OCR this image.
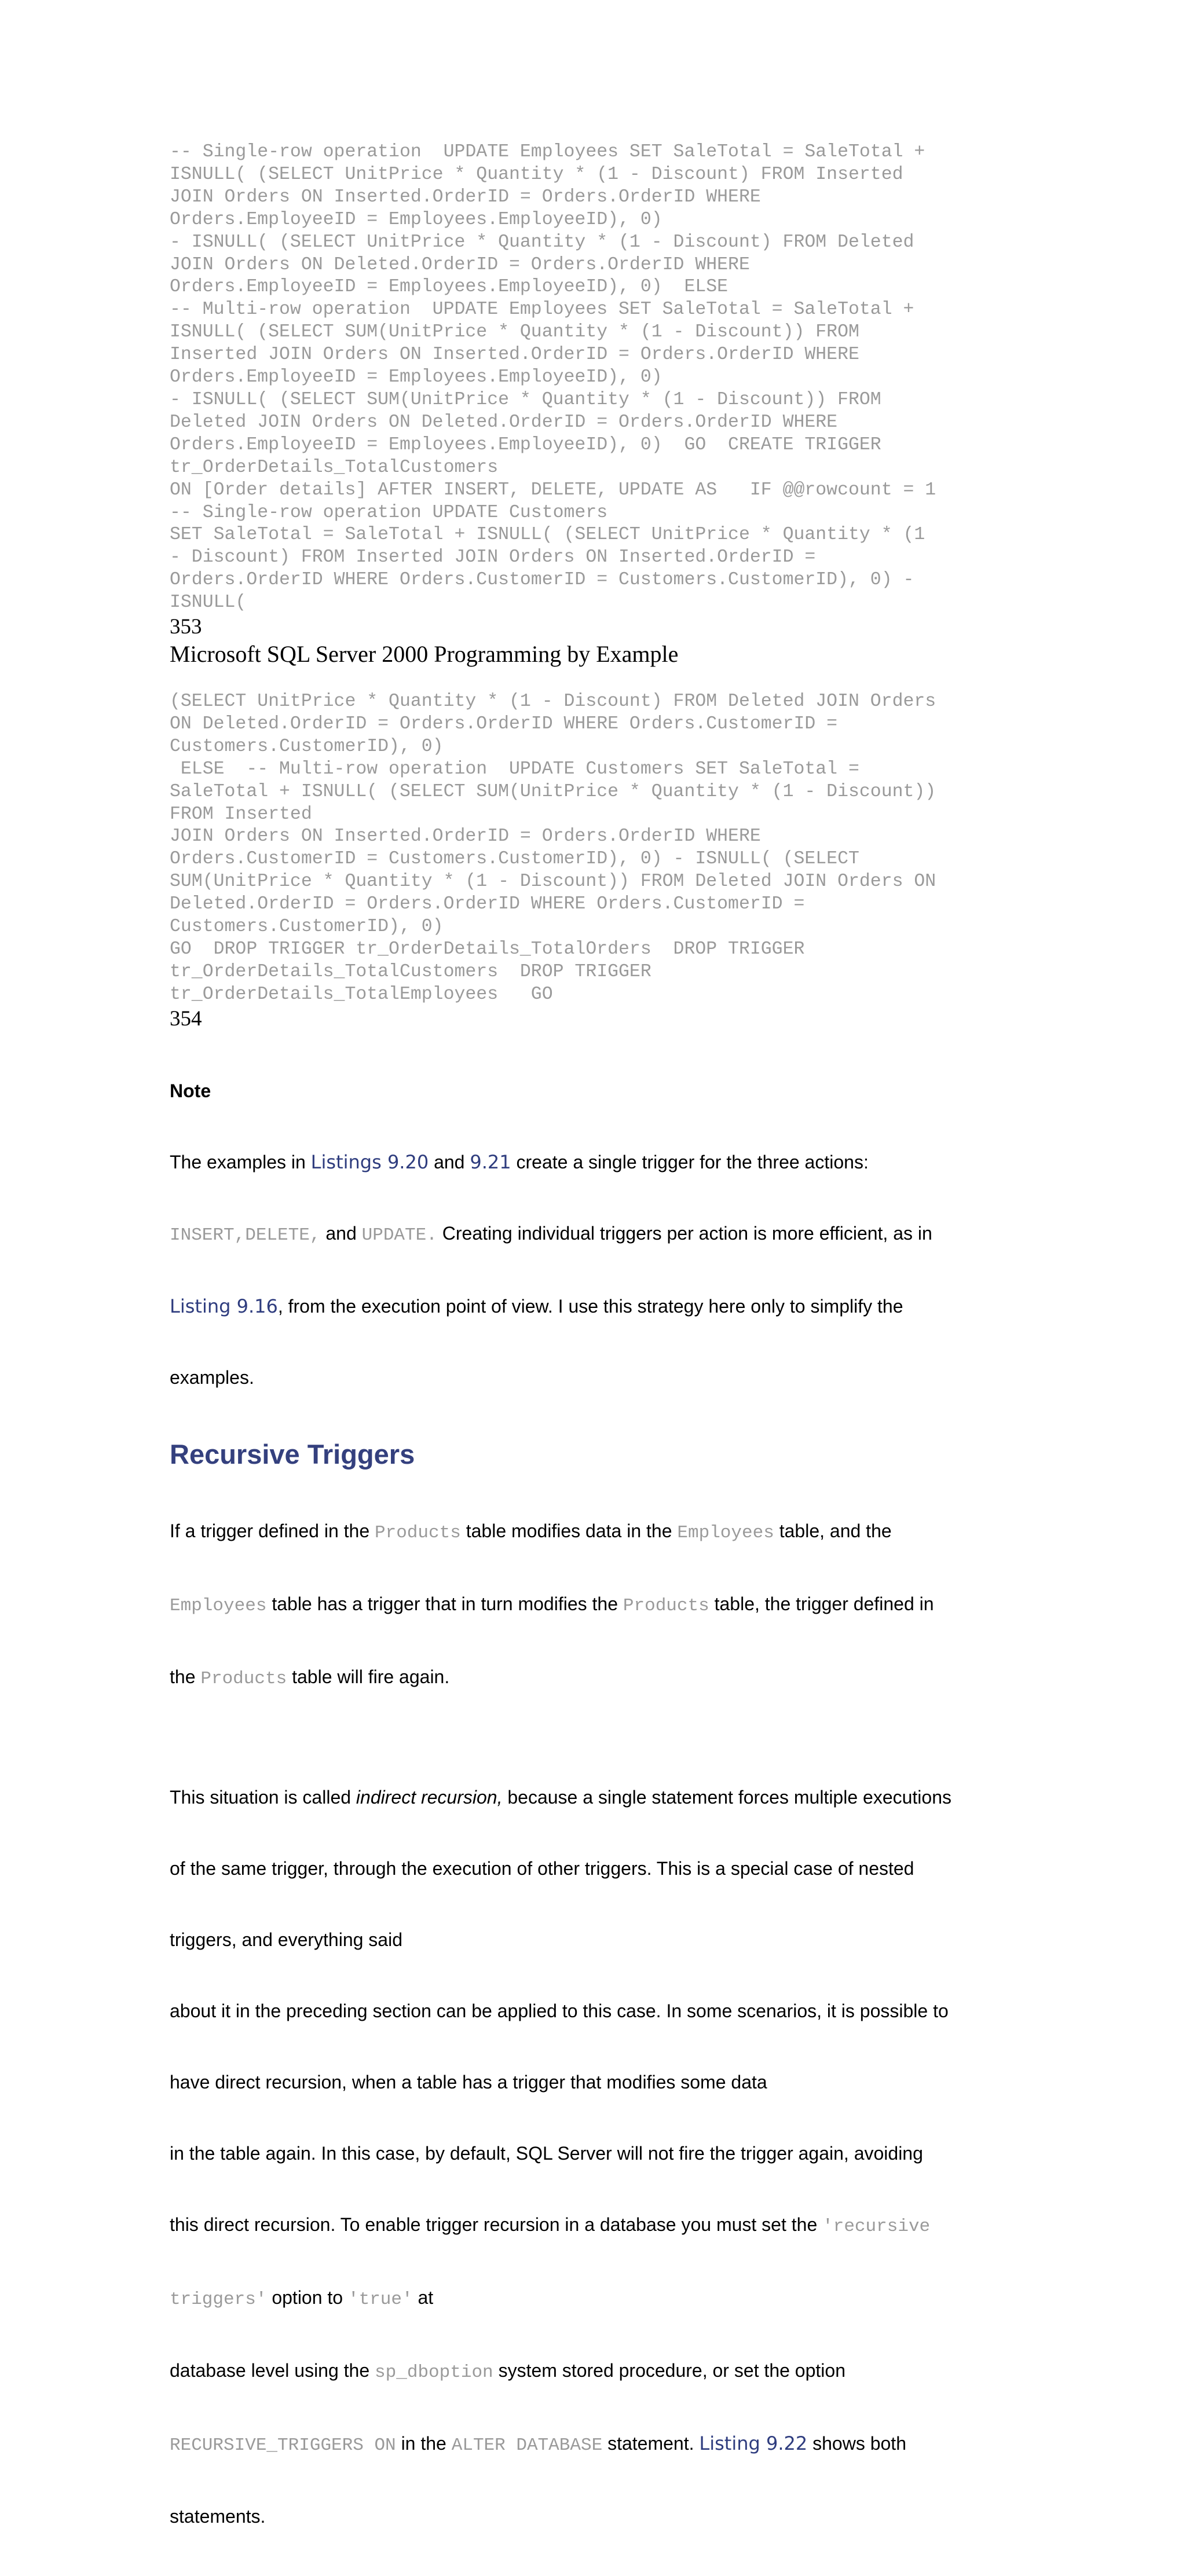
-- Single-row operation  UPDATE Employees SET SaleTotal = SaleTotal +
ISNULL( (SELECT UnitPrice * Quantity * (1 - Discount) FROM Inserted
JOIN Orders ON Inserted.OrderID = Orders.OrderID WHERE
Orders.EmployeeID = Employees.EmployeeID), 0)
- ISNULL( (SELECT UnitPrice * Quantity * (1 - Discount) FROM Deleted
JOIN Orders ON Deleted.OrderID = Orders.OrderID WHERE
Orders.EmployeeID = Employees.EmployeeID), 0)  ELSE
-- Multi-row operation  UPDATE Employees SET SaleTotal = SaleTotal +
ISNULL( (SELECT SUM(UnitPrice * Quantity * (1 - Discount)) FROM
Inserted JOIN Orders ON Inserted.OrderID = Orders.OrderID WHERE
Orders.EmployeeID = Employees.EmployeeID), 0)
- ISNULL( (SELECT SUM(UnitPrice * Quantity * (1 - Discount)) FROM
Deleted JOIN Orders ON Deleted.OrderID = Orders.OrderID WHERE
Orders.EmployeeID = Employees.EmployeeID), 0)  GO  CREATE TRIGGER
tr_OrderDetails_TotalCustomers
ON [Order details] AFTER INSERT, DELETE, UPDATE AS   IF @@rowcount = 1
-- Single-row operation UPDATE Customers
SET SaleTotal = SaleTotal + ISNULL( (SELECT UnitPrice * Quantity * (1
- Discount) FROM Inserted JOIN Orders ON Inserted.OrderID =
Orders.OrderID WHERE Orders.CustomerID = Customers.CustomerID), 0) -
ISNULL(
353
Microsoft SQL Server 2000 Programming by Example
(SELECT UnitPrice * Quantity * (1 - Discount) FROM Deleted JOIN Orders
ON Deleted.OrderID = Orders.OrderID WHERE Orders.CustomerID =
Customers.CustomerID), 0)
ELSE  -- Multi-row operation  UPDATE Customers SET SaleTotal =
SaleTotal + ISNULL( (SELECT SUM(UnitPrice * Quantity * (1 - Discount))
FROM Inserted
JOIN Orders ON Inserted.OrderID = Orders.OrderID WHERE
Orders.CustomerID = Customers.CustomerID), 0) - ISNULL( (SELECT
SUM(UnitPrice * Quantity * (1 - Discount)) FROM Deleted JOIN Orders ON
Deleted.OrderID = Orders.OrderID WHERE Orders.CustomerID =
Customers.CustomerID), 0)
GO  DROP TRIGGER tr_OrderDetails_TotalOrders  DROP TRIGGER
tr_OrderDetails_TotalCustomers  DROP TRIGGER
tr_OrderDetails_TotalEmployees   GO
354

Note

The examples in Listings 9.20 and 9.21 create a single trigger for the three actions:

INSERT,DELETE, and UPDATE. Creating individual triggers per action is more efficient, as in

Listing 9.16, from the execution point of view. I use this strategy here only to simplify the

examples.

Recursive Triggers

If a trigger defined in the Products table modifies data in the Employees table, and the

Employees table has a trigger that in turn modifies the Products table, the trigger defined in

the Products table will fire again.

This situation is called indirect recursion, because a single statement forces multiple executions

of the same trigger, through the execution of other triggers. This is a special case of nested

triggers, and everything said

about it in the preceding section can be applied to this case. In some scenarios, it is possible to

have direct recursion, when a table has a trigger that modifies some data

in the table again. In this case, by default, SQL Server will not fire the trigger again, avoiding

this direct recursion. To enable trigger recursion in a database you must set the 'recursive

triggers' option to 'true' at

database level using the sp_dboption system stored procedure, or set the option

RECURSIVE_TRIGGERS ON in the ALTER DATABASE statement. Listing 9.22 shows both

statements.
